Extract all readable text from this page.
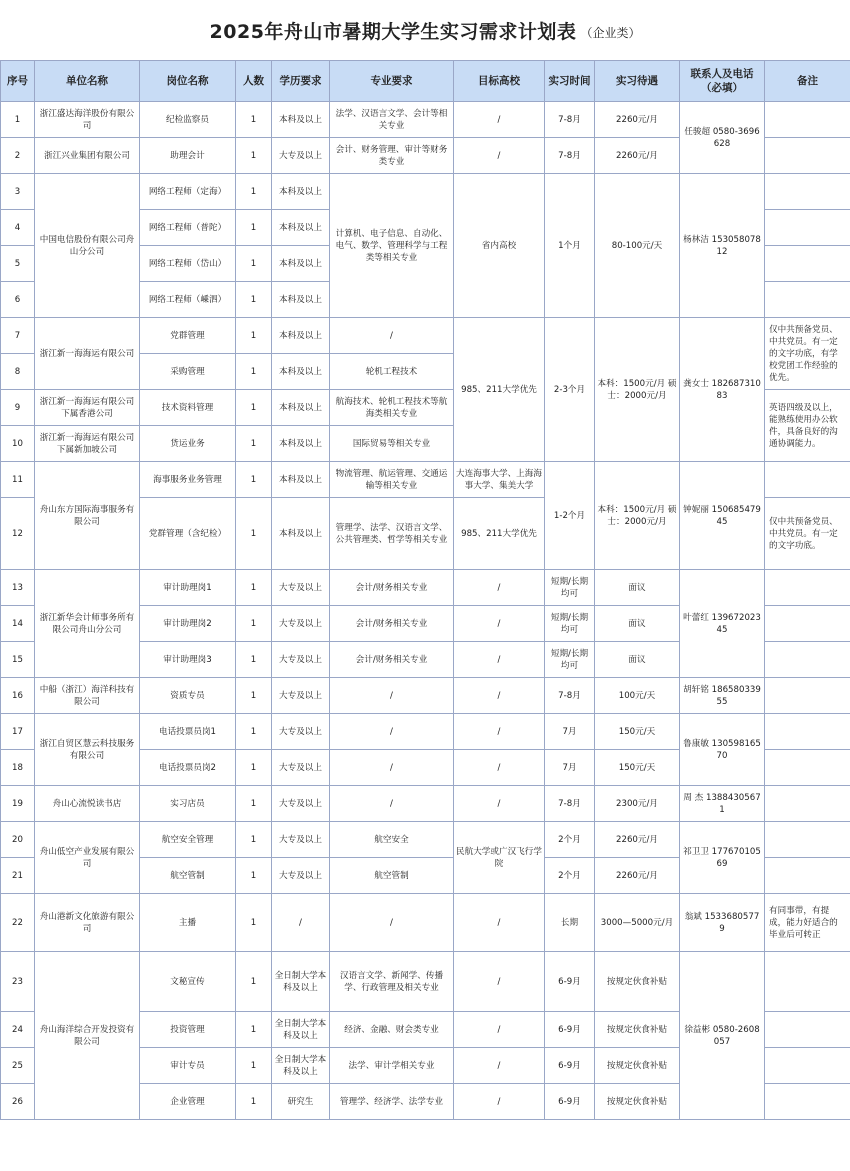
2025年舟山市暑期大学生实习需求计划表 （企业类）
序号	单位名称	岗位名称	人数	学历要求	专业要求	目标高校	实习时间	实习待遇	联系人及电话（必填）	备注
1	浙江盛达海洋股份有限公司	纪检监察员	1	本科及以上	法学、汉语言文学、会计等相关专业	/	7-8月	2260元/月	任骏超 0580-3696628	
2	浙江兴业集团有限公司	助理会计	1	大专及以上	会计、财务管理、审计等财务类专业	/	7-8月	2260元/月		
3	中国电信股份有限公司舟山分公司	网络工程师（定海）	1	本科及以上	计算机、电子信息、自动化、电气、数学、管理科学与工程类等相关专业	省内高校	1个月	80-100元/天	杨林洁 15305807812	
4		网络工程师（普陀）	1	本科及以上						
5		网络工程师（岱山）	1	本科及以上						
6		网络工程师（嵊泗）	1	本科及以上						
7	浙江新一海海运有限公司	党群管理	1	本科及以上	/	985、211大学优先	2-3个月	本科：1500元/月 硕士：2000元/月	龚女士 18268731083	仅中共预备党员、中共党员。有一定的文字功底，有学校党团工作经验的优先。
8		采购管理	1	本科及以上	轮机工程技术					
9	浙江新一海海运有限公司下属香港公司	技术资料管理	1	本科及以上	航海技术、轮机工程技术等航海类相关专业					英语四级及以上，能熟练使用办公软件，具备良好的沟通协调能力。
10	浙江新一海海运有限公司下属新加坡公司	货运业务	1	本科及以上	国际贸易等相关专业					
11	舟山东方国际海事服务有限公司	海事服务业务管理	1	本科及以上	物流管理、航运管理、交通运输等相关专业	大连海事大学、上海海事大学、集美大学	1-2个月	本科：1500元/月 硕士：2000元/月	钟妮丽 15068547945	
12		党群管理（含纪检）	1	本科及以上	管理学、法学、汉语言文学、公共管理类、哲学等相关专业	985、211大学优先				仅中共预备党员、中共党员。有一定的文字功底。
13	浙江新华会计师事务所有限公司舟山分公司	审计助理岗1	1	大专及以上	会计/财务相关专业	/	短期/长期均可	面议	叶蕾红 13967202345	
14		审计助理岗2	1	大专及以上	会计/财务相关专业	/	短期/长期均可	面议		
15		审计助理岗3	1	大专及以上	会计/财务相关专业	/	短期/长期均可	面议		
16	中船（浙江）海洋科技有限公司	资质专员	1	大专及以上	/	/	7-8月	100元/天	胡轩铭 18658033955	
17	浙江自贸区慧云科技服务有限公司	电话投票员岗1	1	大专及以上	/	/	7月	150元/天	鲁康敏 13059816570	
18		电话投票员岗2	1	大专及以上	/	/	7月	150元/天		
19	舟山心流悦读书店	实习店员	1	大专及以上	/	/	7-8月	2300元/月	周 杰 13884305671	
20	舟山低空产业发展有限公司	航空安全管理	1	大专及以上	航空安全	民航大学或广汉飞行学院	2个月	2260元/月	祁卫卫 17767010569	
21		航空管制	1	大专及以上	航空管制		2个月	2260元/月		
22	舟山港新文化旅游有限公司	主播	1	/	/	/	长期	3000—5000元/月	翁斌 15336805779	有同事带，有提成，能力好适合的毕业后可转正
23	舟山海洋综合开发投资有限公司	文秘宣传	1	全日制大学本科及以上	汉语言文学、新闻学、传播学、行政管理及相关专业	/	6-9月	按规定伙食补贴	徐益彬 0580-2608057	
24		投资管理	1	全日制大学本科及以上	经济、金融、财会类专业	/	6-9月	按规定伙食补贴		
25		审计专员	1	全日制大学本科及以上	法学、审计学相关专业	/	6-9月	按规定伙食补贴		
26		企业管理	1	研究生	管理学、经济学、法学专业	/	6-9月	按规定伙食补贴		
